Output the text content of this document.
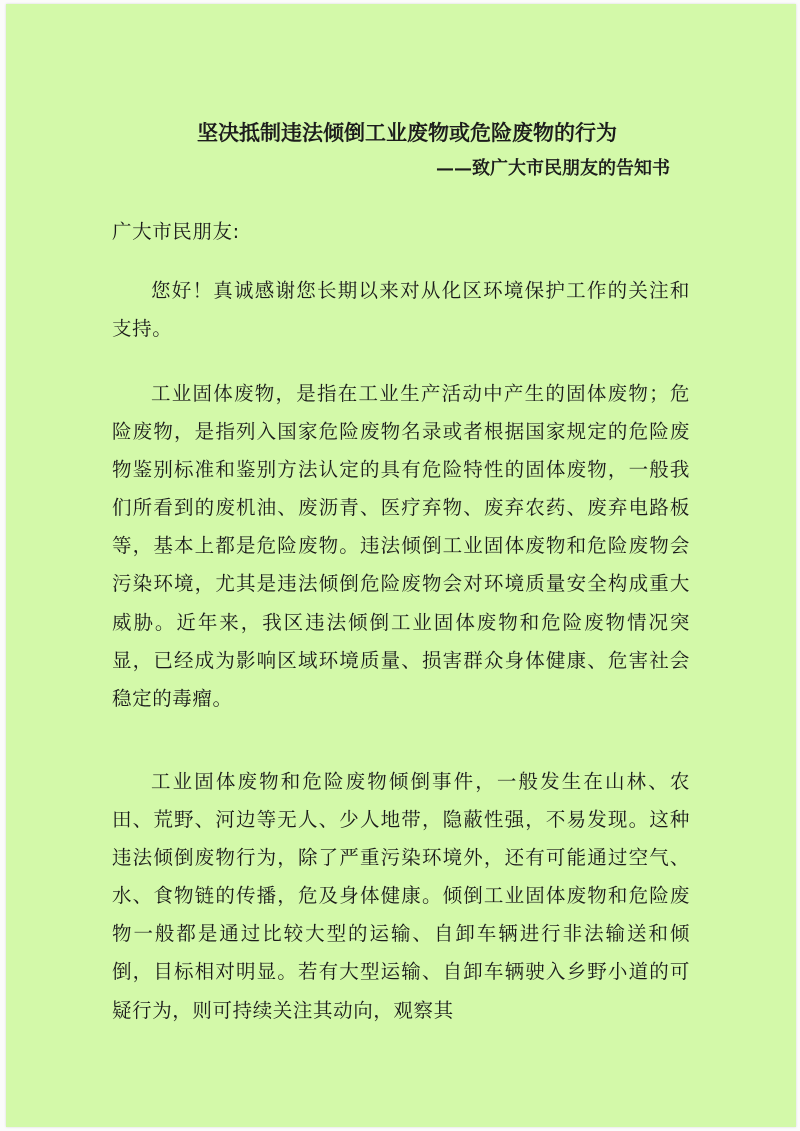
坚决抵制违法倾倒工业废物或危险废物的行为
——致广大市民朋友的告知书

广大市民朋友:

您好！真诚感谢您长期以来对从化区环境保护工作的关注和支持。

工业固体废物，是指在工业生产活动中产生的固体废物；危险废物，是指列入国家危险废物名录或者根据国家规定的危险废物鉴别标准和鉴别方法认定的具有危险特性的固体废物，一般我们所看到的废机油、废沥青、医疗弃物、废弃农药、废弃电路板等，基本上都是危险废物。违法倾倒工业固体废物和危险废物会污染环境，尤其是违法倾倒危险废物会对环境质量安全构成重大威胁。近年来，我区违法倾倒工业固体废物和危险废物情况突显，已经成为影响区域环境质量、损害群众身体健康、危害社会稳定的毒瘤。

工业固体废物和危险废物倾倒事件，一般发生在山林、农田、荒野、河边等无人、少人地带，隐蔽性强，不易发现。这种违法倾倒废物行为，除了严重污染环境外，还有可能通过空气、水、食物链的传播，危及身体健康。倾倒工业固体废物和危险废物一般都是通过比较大型的运输、自卸车辆进行非法输送和倾倒，目标相对明显。若有大型运输、自卸车辆驶入乡野小道的可疑行为，则可持续关注其动向，观察其
